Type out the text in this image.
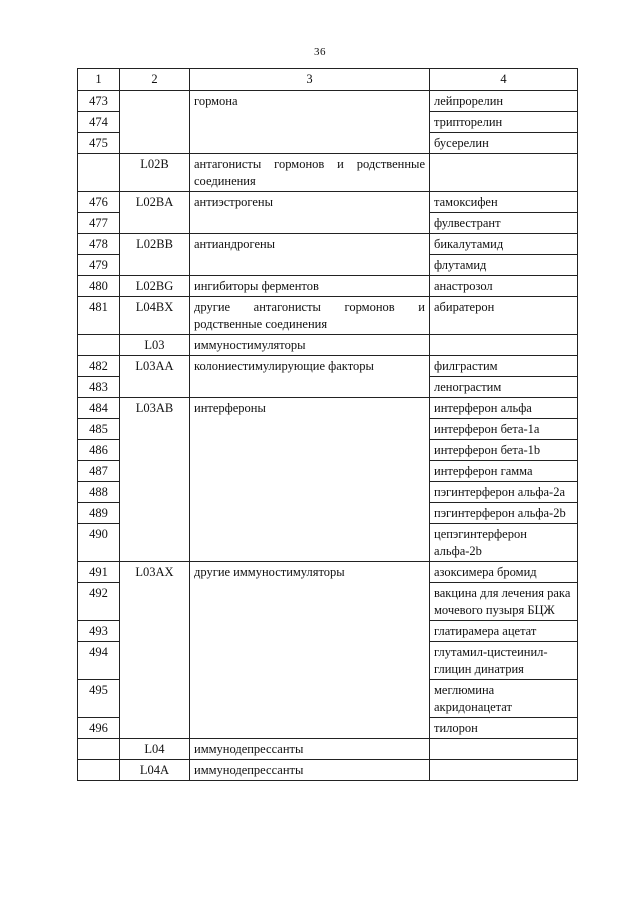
36
1	2	3	4
473		гормона	лейпрорелин
474			трипторелин
475			бусерелин
	L02B	антагонисты гормонов и родственные соединения	
476	L02BA	антиэстрогены	тамоксифен
477			фулвестрант
478	L02BB	антиандрогены	бикалутамид
479			флутамид
480	L02BG	ингибиторы ферментов	анастрозол
481	L04BX	другие антагонисты гормонов и родственные соединения	абиратерон
	L03	иммуностимуляторы	
482	L03AA	колониестимулирующие факторы	филграстим
483			ленограстим
484	L03AB	интерфероны	интерферон альфа
485			интерферон бета-1a
486			интерферон бета-1b
487			интерферон гамма
488			пэгинтерферон альфа-2a
489			пэгинтерферон альфа-2b
490			цепэгинтерферон альфа-2b
491	L03AX	другие иммуностимуляторы	азоксимера бромид
492			вакцина для лечения рака мочевого пузыря БЦЖ
493			глатирамера ацетат
494			глутамил-цистеинил-глицин динатрия
495			меглюмина акридонацетат
496			тилорон
	L04	иммунодепрессанты	
	L04A	иммунодепрессанты	
